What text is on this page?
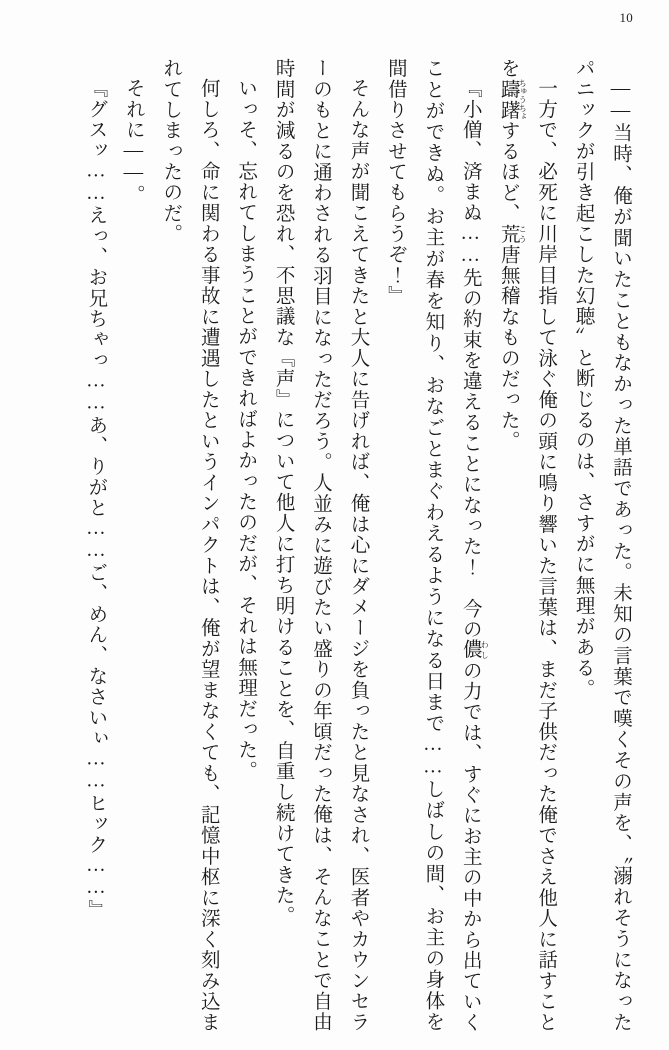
10

——当時、俺が聞いたこともなかった単語であった。未知の言葉で嘆くその声を、〝溺れそうになったパニックが引き起こした幻聴〟と断じるのは、さすがに無理がある。

一方で、必死に川岸目指して泳ぐ俺の頭に鳴り響いた言葉は、まだ子供だった俺でさえ他人に話すことを躊躇 ちゅうちょするほど、荒 こう唐無稽なものだった。

『小僧、済まぬ……先の約束を違えることになった！　今の儂 わしの力では、すぐにお主の中から出ていくことができぬ。お主が春を知り、おなごとまぐわえるようになる日まで……しばしの間、お主の身体を間借りさせてもらうぞ！』

そんな声が聞こえてきたと大人に告げれば、俺は心にダメージを負ったと見なされ、医者やカウンセラーのもとに通わされる羽目になっただろう。人並みに遊びたい盛りの年頃だった俺は、そんなことで自由時間が減るのを恐れ、不思議な『声』について他人に打ち明けることを、自重し続けてきた。

いっそ、忘れてしまうことができればよかったのだが、それは無理だった。

何しろ、命に関わる事故に遭遇したというインパクトは、俺が望まなくても、記憶中枢に深く刻み込まれてしまったのだ。

それに——。

『グスッ……えっ、お兄ちゃっ……あ、りがと……ご、めん、なさいぃ……ヒック……』
